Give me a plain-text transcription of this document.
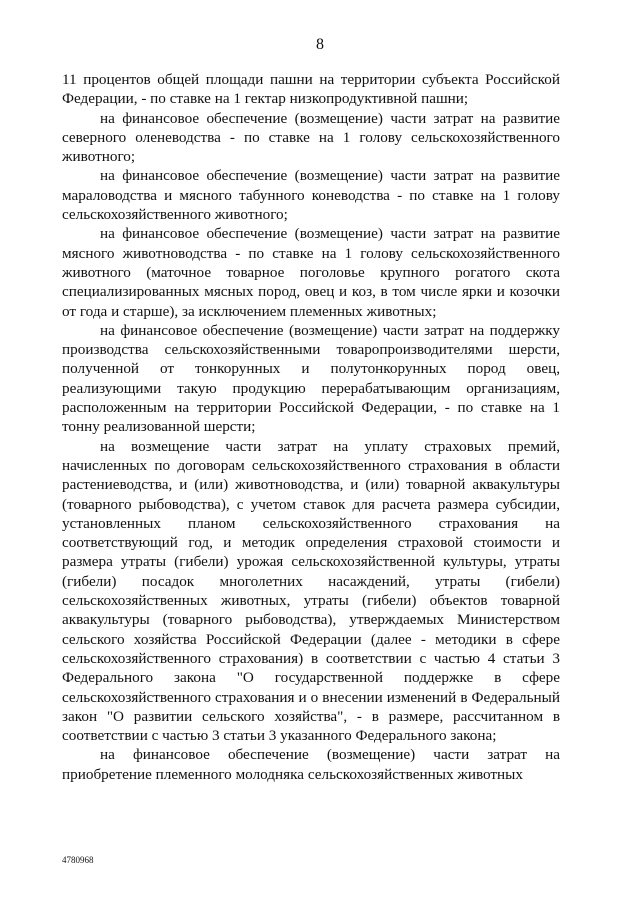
8

11 процентов общей площади пашни на территории субъекта Российской Федерации, - по ставке на 1 гектар низкопродуктивной пашни;

на финансовое обеспечение (возмещение) части затрат на развитие северного оленеводства - по ставке на 1 голову сельскохозяйственного животного;

на финансовое обеспечение (возмещение) части затрат на развитие мараловодства и мясного табунного коневодства - по ставке на 1 голову сельскохозяйственного животного;

на финансовое обеспечение (возмещение) части затрат на развитие мясного животноводства - по ставке на 1 голову сельскохозяйственного животного (маточное товарное поголовье крупного рогатого скота специализированных мясных пород, овец и коз, в том числе ярки и козочки от года и старше), за исключением племенных животных;

на финансовое обеспечение (возмещение) части затрат на поддержку производства сельскохозяйственными товаропроизводителями шерсти, полученной от тонкорунных и полутонкорунных пород овец, реализующими такую продукцию перерабатывающим организациям, расположенным на территории Российской Федерации, - по ставке на 1 тонну реализованной шерсти;

на возмещение части затрат на уплату страховых премий, начисленных по договорам сельскохозяйственного страхования в области растениеводства, и (или) животноводства, и (или) товарной аквакультуры (товарного рыбоводства), с учетом ставок для расчета размера субсидии, установленных планом сельскохозяйственного страхования на соответствующий год, и методик определения страховой стоимости и размера утраты (гибели) урожая сельскохозяйственной культуры, утраты (гибели) посадок многолетних насаждений, утраты (гибели) сельскохозяйственных животных, утраты (гибели) объектов товарной аквакультуры (товарного рыбоводства), утверждаемых Министерством сельского хозяйства Российской Федерации (далее - методики в сфере сельскохозяйственного страхования) в соответствии с частью 4 статьи 3 Федерального закона "О государственной поддержке в сфере сельскохозяйственного страхования и о внесении изменений в Федеральный закон "О развитии сельского хозяйства", - в размере, рассчитанном в соответствии с частью 3 статьи 3 указанного Федерального закона;

на финансовое обеспечение (возмещение) части затрат на приобретение племенного молодняка сельскохозяйственных животных

4780968
